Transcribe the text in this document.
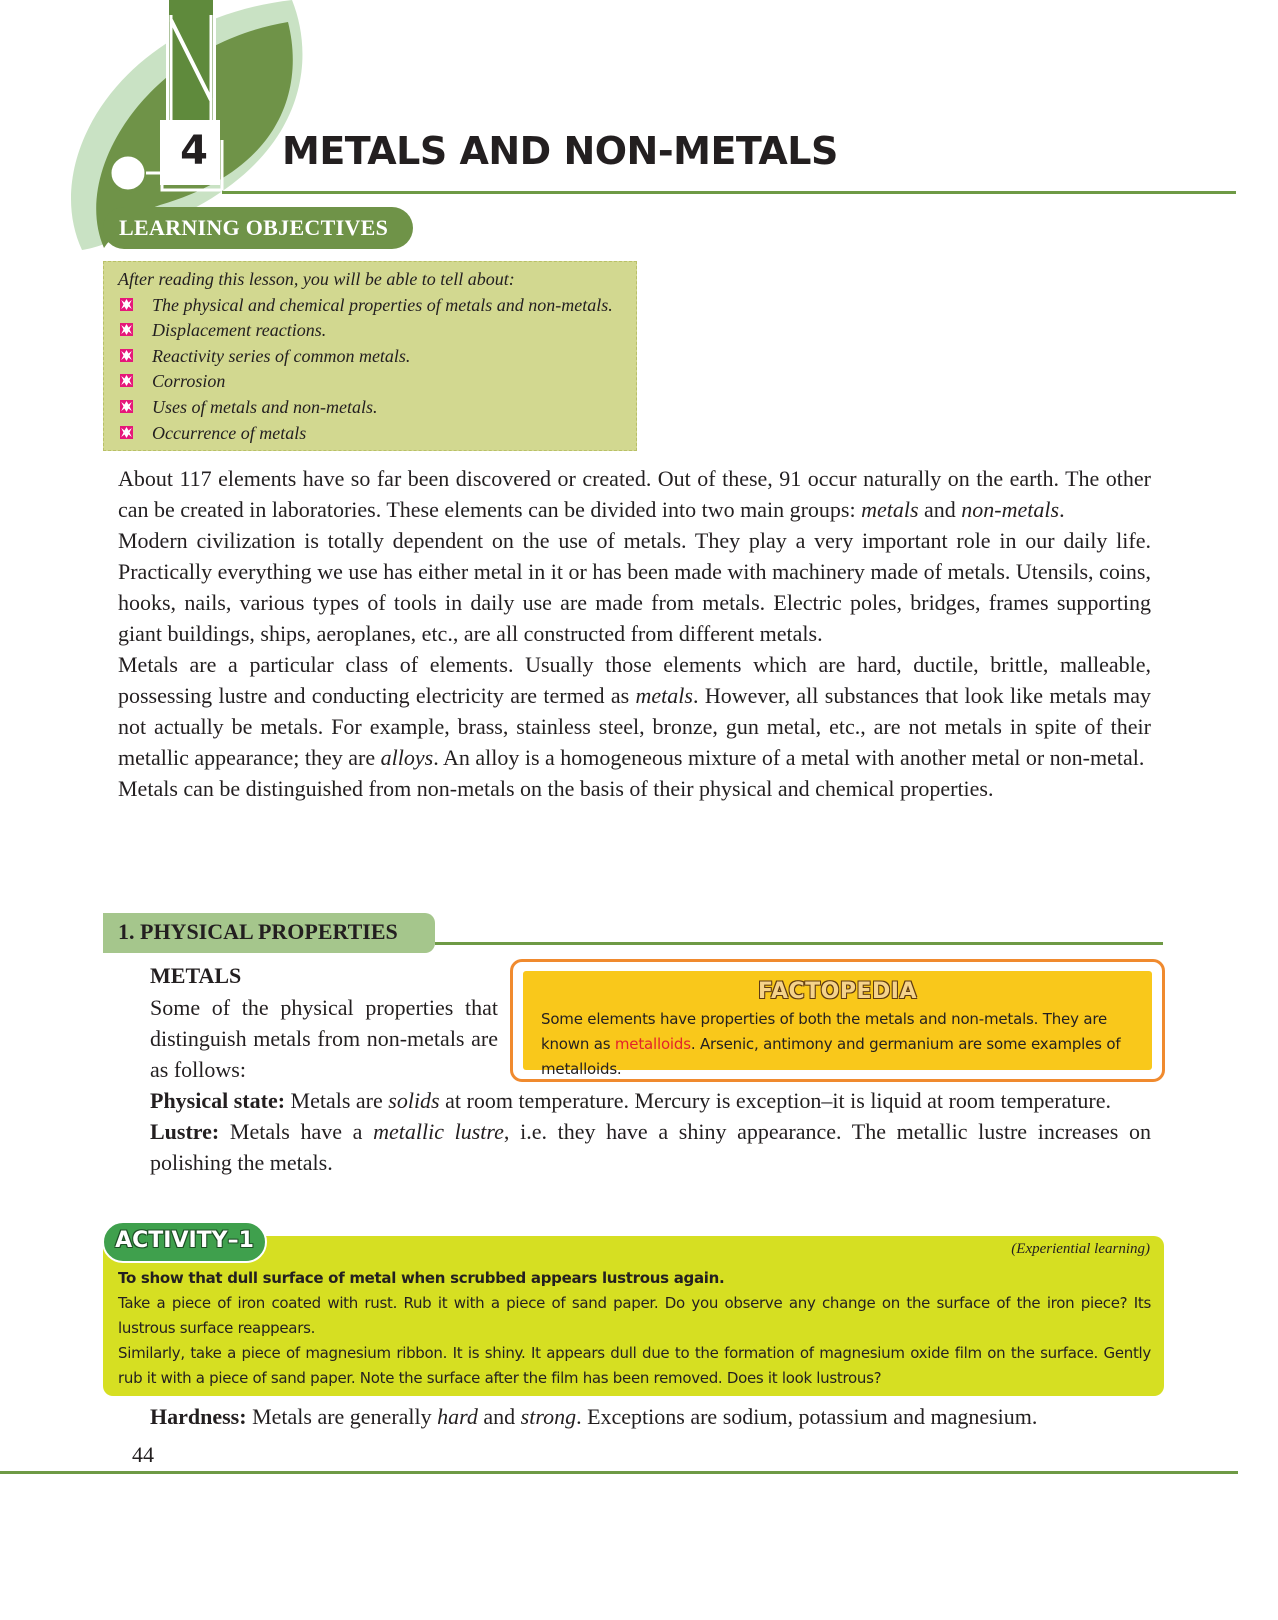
4 METALS AND NON-METALS
LEARNING OBJECTIVES

After reading this lesson, you will be able to tell about:

The physical and chemical properties of metals and non-metals.
Displacement reactions.
Reactivity series of common metals.
Corrosion
Uses of metals and non-metals.
Occurrence of metals

About 117 elements have so far been discovered or created. Out of these, 91 occur naturally on the earth. The other can be created in laboratories. These elements can be divided into two main groups: metals and non-metals.

Modern civilization is totally dependent on the use of metals. They play a very important role in our daily life. Practically everything we use has either metal in it or has been made with machinery made of metals. Utensils, coins, hooks, nails, various types of tools in daily use are made from metals. Electric poles, bridges, frames supporting giant buildings, ships, aeroplanes, etc., are all constructed from different metals.

Metals are a particular class of elements. Usually those elements which are hard, ductile, brittle, malleable, possessing lustre and conducting electricity are termed as metals. However, all substances that look like metals may not actually be metals. For example, brass, stainless steel, bronze, gun metal, etc., are not metals in spite of their metallic appearance; they are alloys. An alloy is a homogeneous mixture of a metal with another metal or non-metal.

Metals can be distinguished from non-metals on the basis of their physical and chemical properties.

1. PHYSICAL PROPERTIES
METALS

Some of the physical properties that distinguish metals from non-metals are as follows:

FACTOPEDIA

Some elements have properties of both the metals and non-metals. They are known as metalloids. Arsenic, antimony and germanium are some examples of metalloids.

Physical state: Metals are solids at room temperature. Mercury is exception–it is liquid at room temperature.

Lustre: Metals have a metallic lustre, i.e. they have a shiny appearance. The metallic lustre increases on polishing the metals.

ACTIVITY–1	(Experiential learning)

To show that dull surface of metal when scrubbed appears lustrous again.

Take a piece of iron coated with rust. Rub it with a piece of sand paper. Do you observe any change on the surface of the iron piece? Its lustrous surface reappears.

Similarly, take a piece of magnesium ribbon. It is shiny. It appears dull due to the formation of magnesium oxide film on the surface. Gently rub it with a piece of sand paper. Note the surface after the film has been removed. Does it look lustrous?

Hardness: Metals are generally hard and strong. Exceptions are sodium, potassium and magnesium.

44
